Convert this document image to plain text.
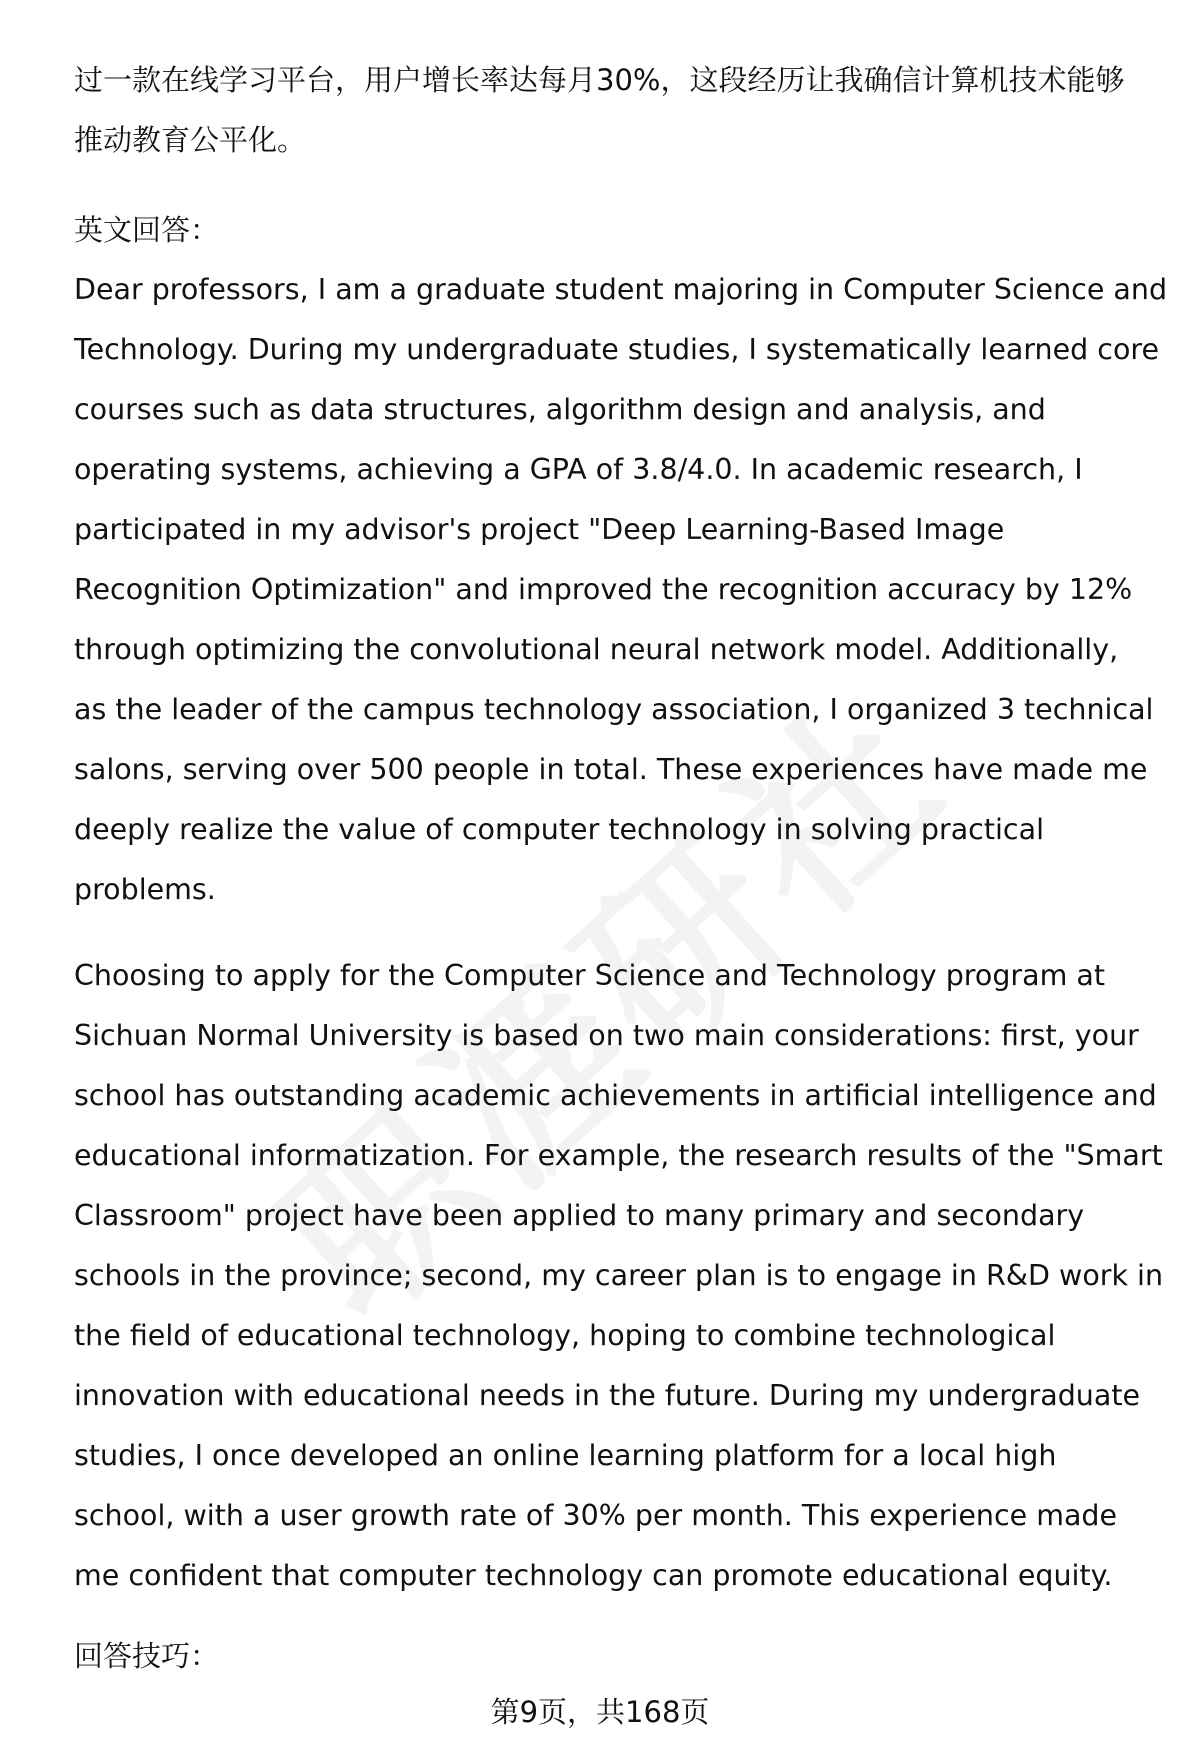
过一款在线学习平台，用户增长率达每月30%，这段经历让我确信计算机技术能够
推动教育公平化。
英文回答：
Dear professors, I am a graduate student majoring in Computer Science and
Technology. During my undergraduate studies, I systematically learned core
courses such as data structures, algorithm design and analysis, and
operating systems, achieving a GPA of 3.8/4.0. In academic research, I
participated in my advisor's project "Deep Learning-Based Image
Recognition Optimization" and improved the recognition accuracy by 12%
through optimizing the convolutional neural network model. Additionally,
as the leader of the campus technology association, I organized 3 technical
salons, serving over 500 people in total. These experiences have made me
deeply realize the value of computer technology in solving practical
problems.
Choosing to apply for the Computer Science and Technology program at
Sichuan Normal University is based on two main considerations: first, your
school has outstanding academic achievements in artificial intelligence and
educational informatization. For example, the research results of the "Smart
Classroom" project have been applied to many primary and secondary
schools in the province; second, my career plan is to engage in R&D work in
the field of educational technology, hoping to combine technological
innovation with educational needs in the future. During my undergraduate
studies, I once developed an online learning platform for a local high
school, with a user growth rate of 30% per month. This experience made
me confident that computer technology can promote educational equity.
回答技巧：
第9页，共168页
